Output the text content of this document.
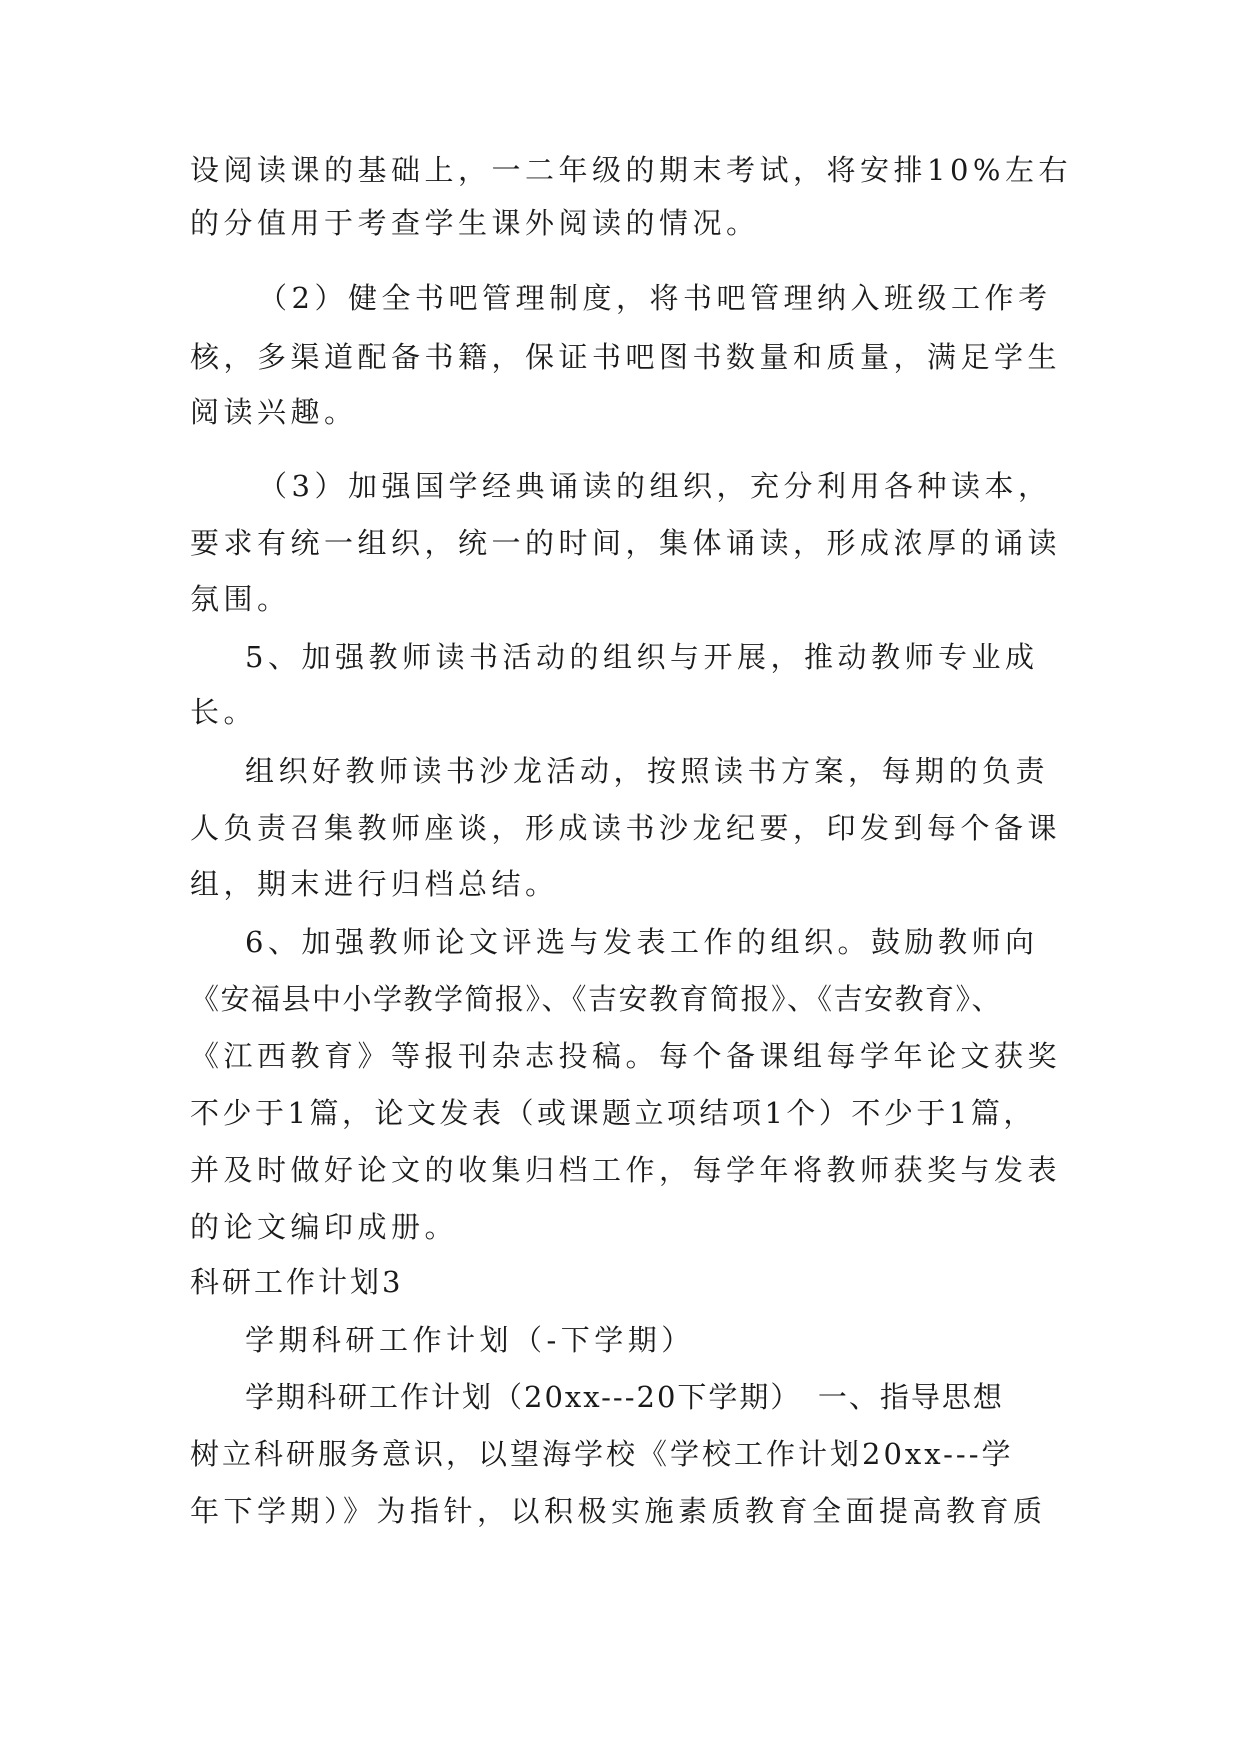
设阅读课的基础上，一二年级的期末考试，将安排10%左右
的分值用于考查学生课外阅读的情况。
（2）健全书吧管理制度，将书吧管理纳入班级工作考
核，多渠道配备书籍，保证书吧图书数量和质量，满足学生
阅读兴趣。
（3）加强国学经典诵读的组织，充分利用各种读本，
要求有统一组织，统一的时间，集体诵读，形成浓厚的诵读
氛围。
5、加强教师读书活动的组织与开展，推动教师专业成
长。
组织好教师读书沙龙活动，按照读书方案，每期的负责
人负责召集教师座谈，形成读书沙龙纪要，印发到每个备课
组，期末进行归档总结。
6、加强教师论文评选与发表工作的组织。鼓励教师向
《安福县中小学教学简报》、《吉安教育简报》、《吉安教育》、
《江西教育》等报刊杂志投稿。每个备课组每学年论文获奖
不少于1篇，论文发表（或课题立项结项1个）不少于1篇，
并及时做好论文的收集归档工作，每学年将教师获奖与发表
的论文编印成册。
科研工作计划3
学期科研工作计划（-下学期）
学期科研工作计划（20xx---20下学期）　一、指导思想
树立科研服务意识，以望海学校《学校工作计划20xx---学
年下学期）》为指针，以积极实施素质教育全面提高教育质
